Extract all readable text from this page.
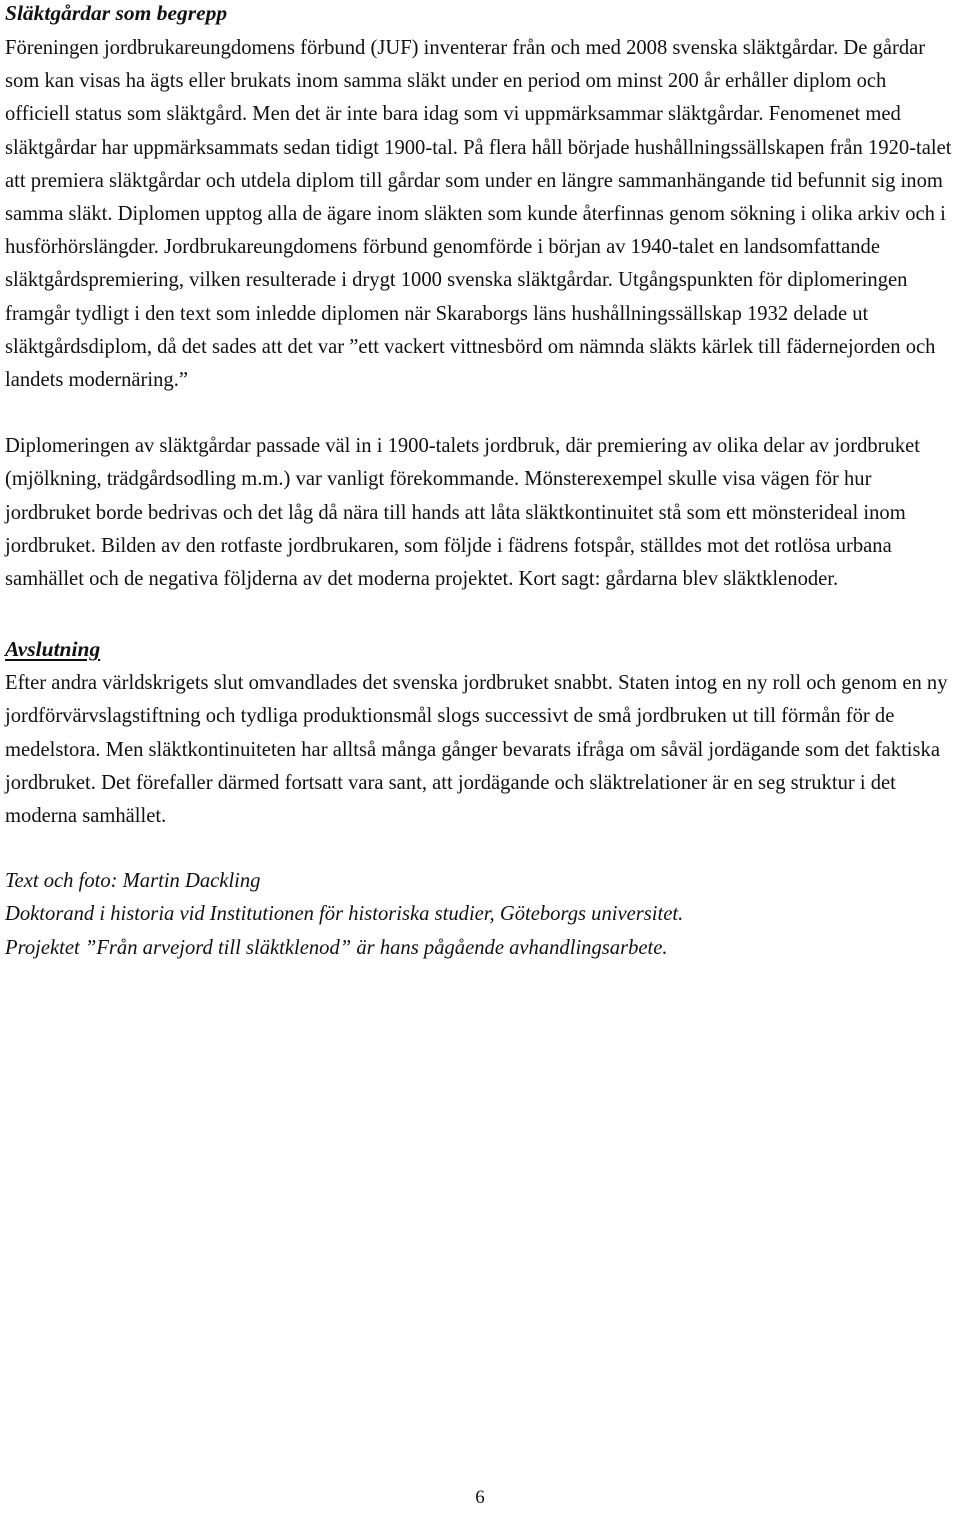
Släktgårdar som begrepp

Föreningen jordbrukareungdomens förbund (JUF) inventerar från och med 2008 svenska släktgårdar. De gårdar som kan visas ha ägts eller brukats inom samma släkt under en period om minst 200 år erhåller diplom och officiell status som släktgård. Men det är inte bara idag som vi uppmärksammar släktgårdar. Fenomenet med släktgårdar har uppmärksammats sedan tidigt 1900-tal. På flera håll började hushållningssällskapen från 1920-talet att premiera släktgårdar och utdela diplom till gårdar som under en längre sammanhängande tid befunnit sig inom samma släkt. Diplomen upptog alla de ägare inom släkten som kunde återfinnas genom sökning i olika arkiv och i husförhörslängder. Jordbrukareungdomens förbund genomförde i början av 1940-talet en landsomfattande släktgårdspremiering, vilken resulterade i drygt 1000 svenska släktgårdar. Utgångspunkten för diplomeringen framgår tydligt i den text som inledde diplomen när Skaraborgs läns hushållningssällskap 1932 delade ut släktgårdsdiplom, då det sades att det var ”ett vackert vittnesbörd om nämnda släkts kärlek till fädernejorden och landets modernäring.”

Diplomeringen av släktgårdar passade väl in i 1900-talets jordbruk, där premiering av olika delar av jordbruket (mjölkning, trädgårdsodling m.m.) var vanligt förekommande. Mönsterexempel skulle visa vägen för hur jordbruket borde bedrivas och det låg då nära till hands att låta släktkontinuitet stå som ett mönsterideal inom jordbruket. Bilden av den rotfaste jordbrukaren, som följde i fädrens fotspår, ställdes mot det rotlösa urbana samhället och de negativa följderna av det moderna projektet. Kort sagt: gårdarna blev släktklenoder.

Avslutning

Efter andra världskrigets slut omvandlades det svenska jordbruket snabbt. Staten intog en ny roll och genom en ny jordförvärvslagstiftning och tydliga produktionsmål slogs successivt de små jordbruken ut till förmån för de medelstora. Men släktkontinuiteten har alltså många gånger bevarats ifråga om såväl jordägande som det faktiska jordbruket. Det förefaller därmed fortsatt vara sant, att jordägande och släktrelationer är en seg struktur i det moderna samhället.

Text och foto: Martin Dackling
Doktorand i historia vid Institutionen för historiska studier, Göteborgs universitet.
Projektet ”Från arvejord till släktklenod” är hans pågående avhandlingsarbete.
6
